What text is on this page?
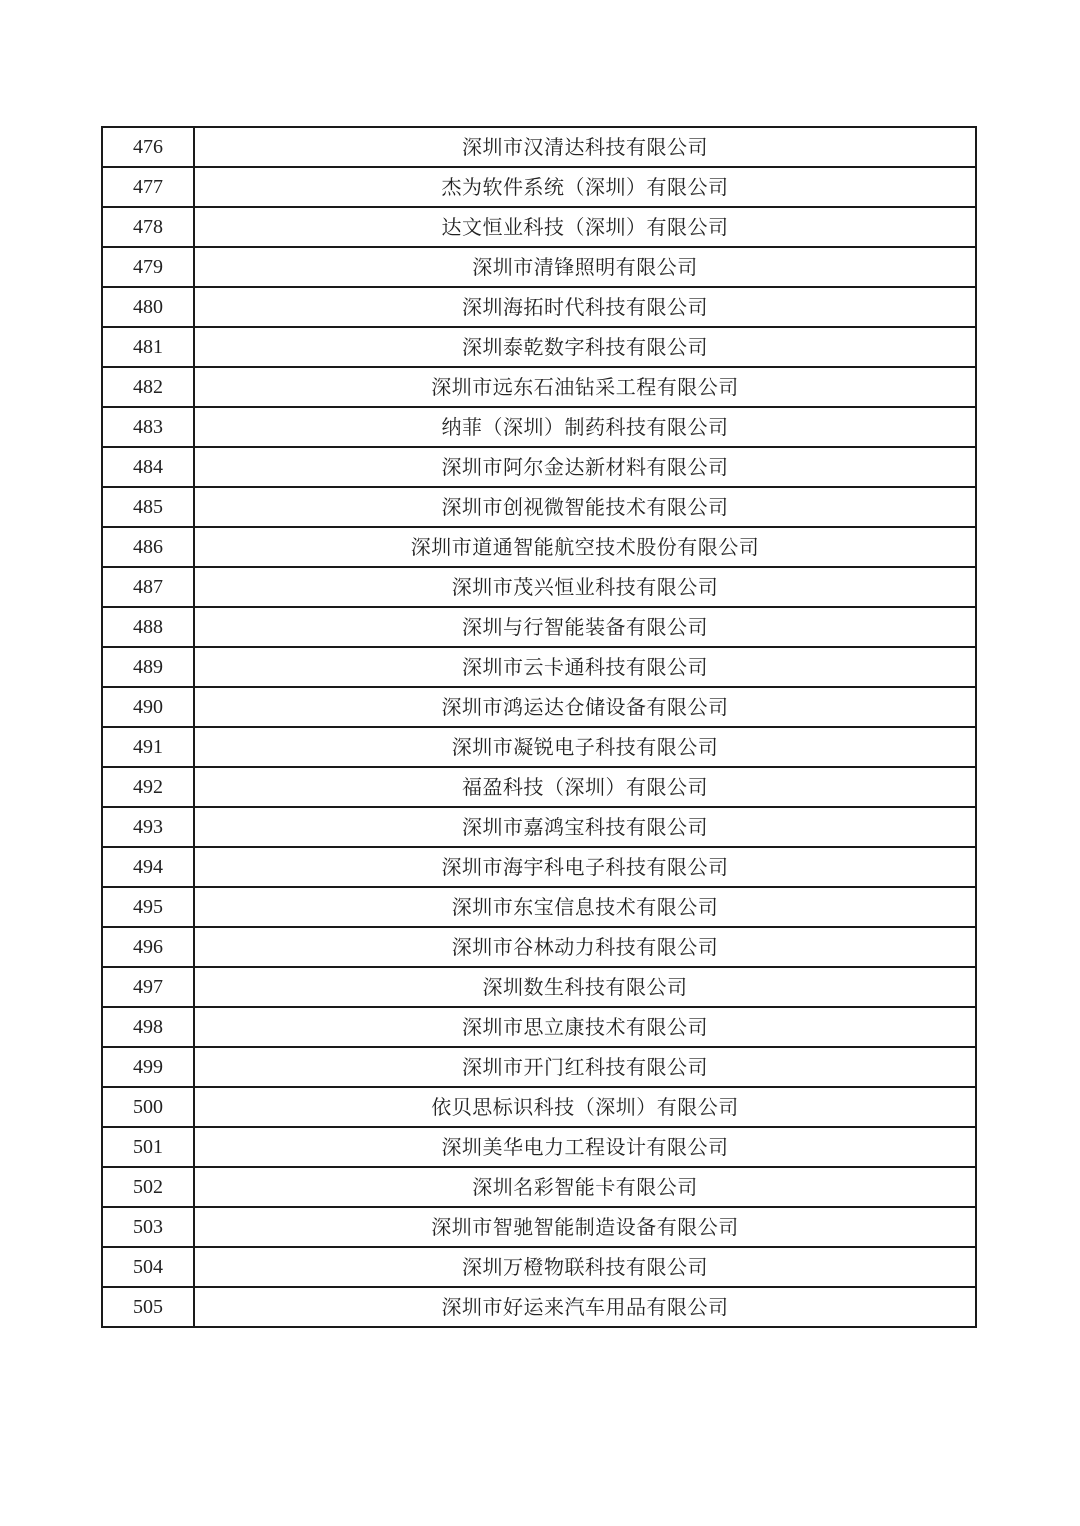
476	深圳市汉清达科技有限公司
477	杰为软件系统（深圳）有限公司
478	达文恒业科技（深圳）有限公司
479	深圳市清锋照明有限公司
480	深圳海拓时代科技有限公司
481	深圳泰乾数字科技有限公司
482	深圳市远东石油钻采工程有限公司
483	纳菲（深圳）制药科技有限公司
484	深圳市阿尔金达新材料有限公司
485	深圳市创视微智能技术有限公司
486	深圳市道通智能航空技术股份有限公司
487	深圳市茂兴恒业科技有限公司
488	深圳与行智能装备有限公司
489	深圳市云卡通科技有限公司
490	深圳市鸿运达仓储设备有限公司
491	深圳市凝锐电子科技有限公司
492	福盈科技（深圳）有限公司
493	深圳市嘉鸿宝科技有限公司
494	深圳市海宇科电子科技有限公司
495	深圳市东宝信息技术有限公司
496	深圳市谷林动力科技有限公司
497	深圳数生科技有限公司
498	深圳市思立康技术有限公司
499	深圳市开门红科技有限公司
500	依贝思标识科技（深圳）有限公司
501	深圳美华电力工程设计有限公司
502	深圳名彩智能卡有限公司
503	深圳市智驰智能制造设备有限公司
504	深圳万橙物联科技有限公司
505	深圳市好运来汽车用品有限公司
